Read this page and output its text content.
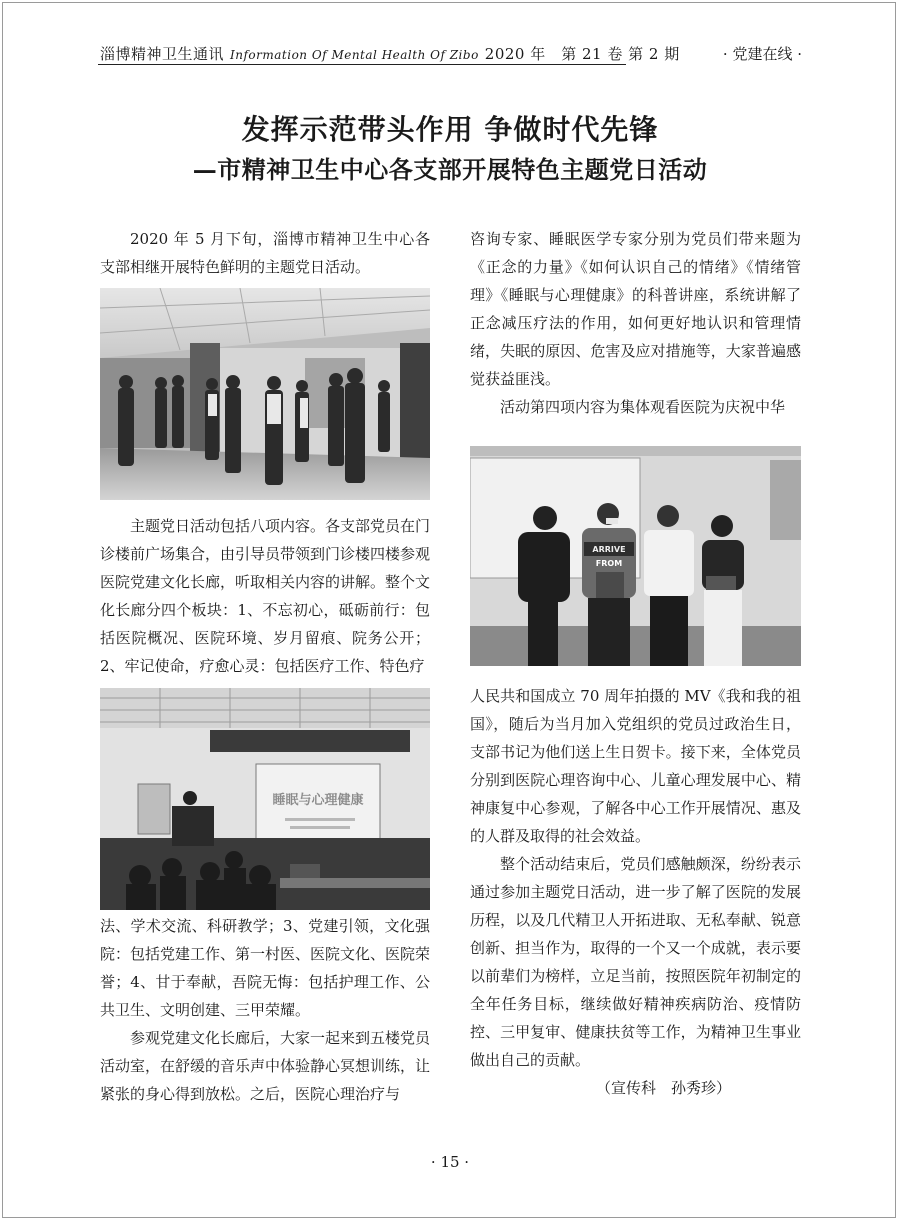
淄博精神卫生通讯 Information Of Mental Health Of Zibo 2020 年　第 21 卷 第 2 期	· 党建在线 ·
发挥示范带头作用 争做时代先锋
—市精神卫生中心各支部开展特色主题党日活动

2020 年 5 月下旬，淄博市精神卫生中心各支部相继开展特色鲜明的主题党日活动。

主题党日活动包括八项内容。各支部党员在门诊楼前广场集合，由引导员带领到门诊楼四楼参观医院党建文化长廊，听取相关内容的讲解。整个文化长廊分四个板块：1、不忘初心，砥砺前行：包括医院概况、医院环境、岁月留痕、院务公开；2、牢记使命，疗愈心灵：包括医疗工作、特色疗

睡眠与心理健康

法、学术交流、科研教学；3、党建引领，文化强院：包括党建工作、第一村医、医院文化、医院荣誉；4、甘于奉献，吾院无悔：包括护理工作、公共卫生、文明创建、三甲荣耀。

参观党建文化长廊后，大家一起来到五楼党员活动室，在舒缓的音乐声中体验静心冥想训练，让紧张的身心得到放松。之后，医院心理治疗与

咨询专家、睡眠医学专家分别为党员们带来题为《正念的力量》《如何认识自己的情绪》《情绪管理》《睡眠与心理健康》的科普讲座，系统讲解了正念减压疗法的作用，如何更好地认识和管理情绪，失眠的原因、危害及应对措施等，大家普遍感觉获益匪浅。

活动第四项内容为集体观看医院为庆祝中华

ARRIVE
FROM

人民共和国成立 70 周年拍摄的 MV《我和我的祖国》，随后为当月加入党组织的党员过政治生日，支部书记为他们送上生日贺卡。接下来，全体党员分别到医院心理咨询中心、儿童心理发展中心、精神康复中心参观，了解各中心工作开展情况、惠及的人群及取得的社会效益。

整个活动结束后，党员们感触颇深，纷纷表示通过参加主题党日活动，进一步了解了医院的发展历程，以及几代精卫人开拓进取、无私奉献、锐意创新、担当作为，取得的一个又一个成就，表示要以前辈们为榜样，立足当前，按照医院年初制定的全年任务目标，继续做好精神疾病防治、疫情防控、三甲复审、健康扶贫等工作，为精神卫生事业做出自己的贡献。

（宣传科　孙秀珍）

· 15 ·
